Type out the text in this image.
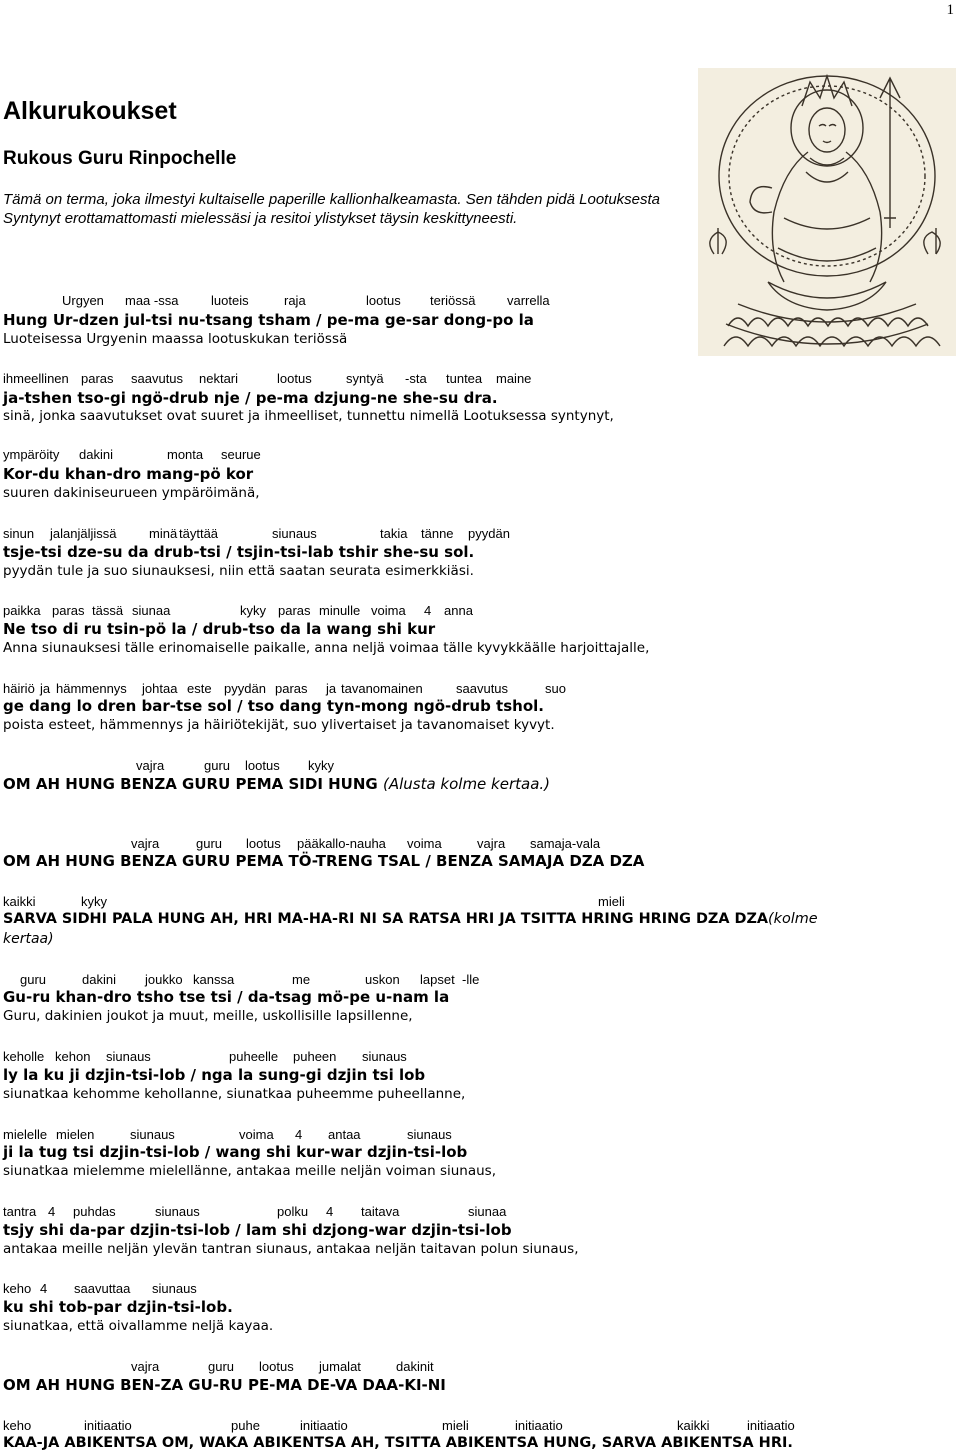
1
Alkurukoukset
Rukous Guru Rinpochelle
Tämä on terma, joka ilmestyi kultaiselle paperille kallionhalkeamasta. Sen tähden pidä Lootuksesta Syntynyt erottamattomasti mielessäsi ja resitoi ylistykset täysin keskittyneesti.
Urgyen maa -ssa	luoteis	raja	lootus teriössä varrella
Hung Ur-dzen jul-tsi nu-tsang tsham / pe-ma ge-sar dong-po la
Luoteisessa Urgyenin maassa lootuskukan teriössä
ihmeellinen paras saavutus nektari	lootus	syntyä -sta tuntea maine
ja-tshen tso-gi ngö-drub nje / pe-ma dzjung-ne she-su dra.
sinä, jonka saavutukset ovat suuret ja ihmeelliset, tunnettu nimellä Lootuksessa syntynyt,
ympäröity dakini	monta seurue
Kor-du khan-dro mang-pö kor
suuren dakiniseurueen ympäröimänä,
sinun jalanjäljissä	minä täyttää	siunaus	takia tänne pyydän
tsje-tsi dze-su da drub-tsi / tsjin-tsi-lab tshir she-su sol.
pyydän tule ja suo siunauksesi, niin että saatan seurata esimerkkiäsi.
paikka paras tässä siunaa	kyky paras minulle voima 4 anna
Ne tso di ru tsin-pö la / drub-tso da la wang shi kur
Anna siunauksesi tälle erinomaiselle paikalle, anna neljä voimaa tälle kyvykkäälle harjoittajalle,
häiriö ja hämmennys johtaa este pyydän paras ja tavanomainen	saavutus	suo
ge dang lo dren bar-tse sol / tso dang tyn-mong ngö-drub tshol.
poista esteet, hämmennys ja häiriötekijät, suo ylivertaiset ja tavanomaiset kyvyt.
vajra	guru lootus kyky
OM AH HUNG BENZA GURU PEMA SIDI HUNG (Alusta kolme kertaa.)
vajra	guru lootus pääkallo-nauha voima	vajra samaja-vala
OM AH HUNG BENZA GURU PEMA TÖ-TRENG TSAL / BENZA SAMAJA DZA DZA
kaikki	kyky	mieli
SARVA SIDHI PALA HUNG AH, HRI MA-HA-RI NI SA RATSA HRI JA TSITTA HRING HRING DZA DZA(kolme
kertaa)
guru	dakini joukko kanssa	me	uskon lapset -lle
Gu-ru khan-dro tsho tse tsi / da-tsag mö-pe u-nam la
Guru, dakinien joukot ja muut, meille, uskollisille lapsillenne,
keholle kehon siunaus	puheelle puheen siunaus
ly la ku ji dzjin-tsi-lob / nga la sung-gi dzjin tsi lob
siunatkaa kehomme kehollanne, siunatkaa puheemme puheellanne,
mielelle mielen	siunaus	voima 4 antaa	siunaus
ji la tug tsi dzjin-tsi-lob / wang shi kur-war dzjin-tsi-lob
siunatkaa mielemme mielellänne, antakaa meille neljän voiman siunaus,
tantra 4 puhdas	siunaus	polku 4 taitava	siunaa
tsjy shi da-par dzjin-tsi-lob / lam shi dzjong-war dzjin-tsi-lob
antakaa meille neljän ylevän tantran siunaus, antakaa neljän taitavan polun siunaus,
keho 4 saavuttaa siunaus
ku shi tob-par dzjin-tsi-lob.
siunatkaa, että oivallamme neljä kayaa.
vajra	guru lootus jumalat	dakinit
OM AH HUNG BEN-ZA GU-RU PE-MA DE-VA DAA-KI-NI
keho	initiaatio	puhe	initiaatio	mieli	initiaatio	kaikki	initiaatio
KAA-JA ABIKENTSA OM, WAKA ABIKENTSA AH, TSITTA ABIKENTSA HUNG, SARVA ABIKENTSA HRI.
